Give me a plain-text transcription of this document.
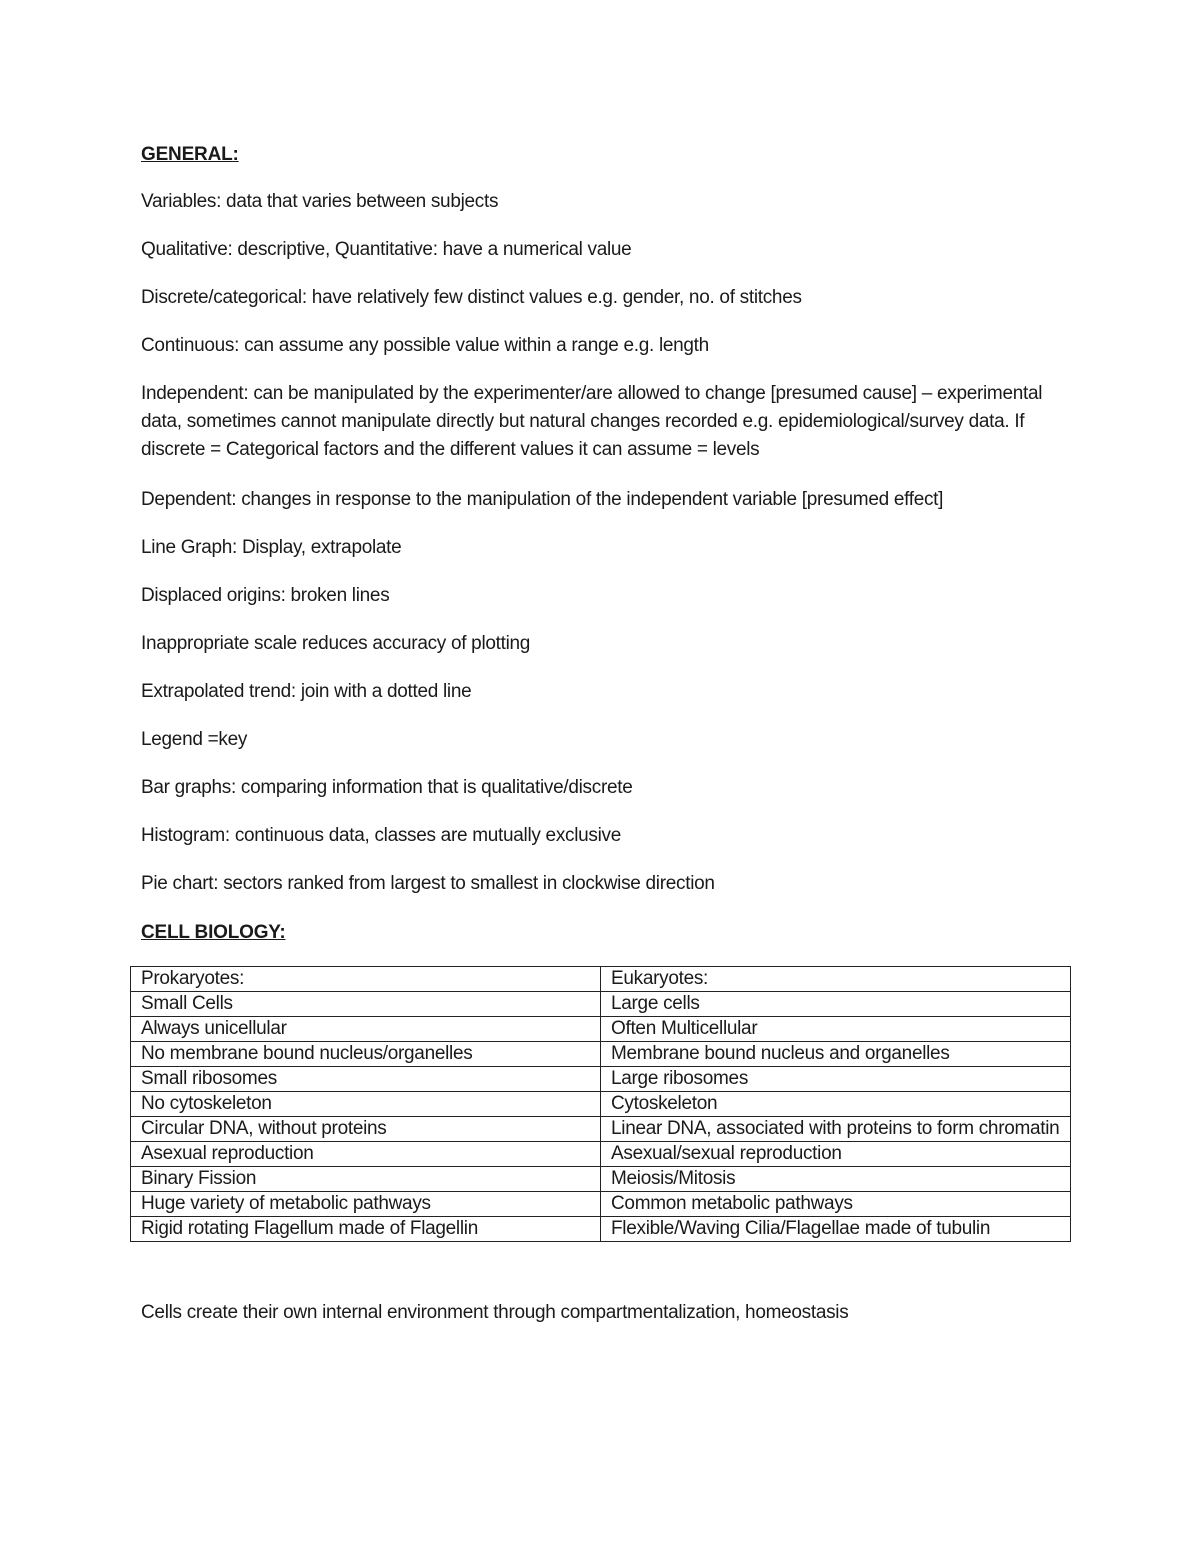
GENERAL:
Variables: data that varies between subjects
Qualitative: descriptive, Quantitative: have a numerical value
Discrete/categorical: have relatively few distinct values e.g. gender, no. of stitches
Continuous: can assume any possible value within a range e.g. length
Independent: can be manipulated by the experimenter/are allowed to change [presumed cause] – experimental data, sometimes cannot manipulate directly but natural changes recorded e.g. epidemiological/survey data. If discrete = Categorical factors and the different values it can assume = levels
Dependent: changes in response to the manipulation of the independent variable [presumed effect]
Line Graph: Display, extrapolate
Displaced origins: broken lines
Inappropriate scale reduces accuracy of plotting
Extrapolated trend: join with a dotted line
Legend =key
Bar graphs: comparing information that is qualitative/discrete
Histogram: continuous data, classes are mutually exclusive
Pie chart: sectors ranked from largest to smallest in clockwise direction
CELL BIOLOGY:
Prokaryotes:	Eukaryotes:
Small Cells	Large cells
Always unicellular	Often Multicellular
No membrane bound nucleus/organelles	Membrane bound nucleus and organelles
Small ribosomes	Large ribosomes
No cytoskeleton	Cytoskeleton
Circular DNA, without proteins	Linear DNA, associated with proteins to form chromatin
Asexual reproduction	Asexual/sexual reproduction
Binary Fission	Meiosis/Mitosis
Huge variety of metabolic pathways	Common metabolic pathways
Rigid rotating Flagellum made of Flagellin	Flexible/Waving Cilia/Flagellae made of tubulin
Cells create their own internal environment through compartmentalization, homeostasis
